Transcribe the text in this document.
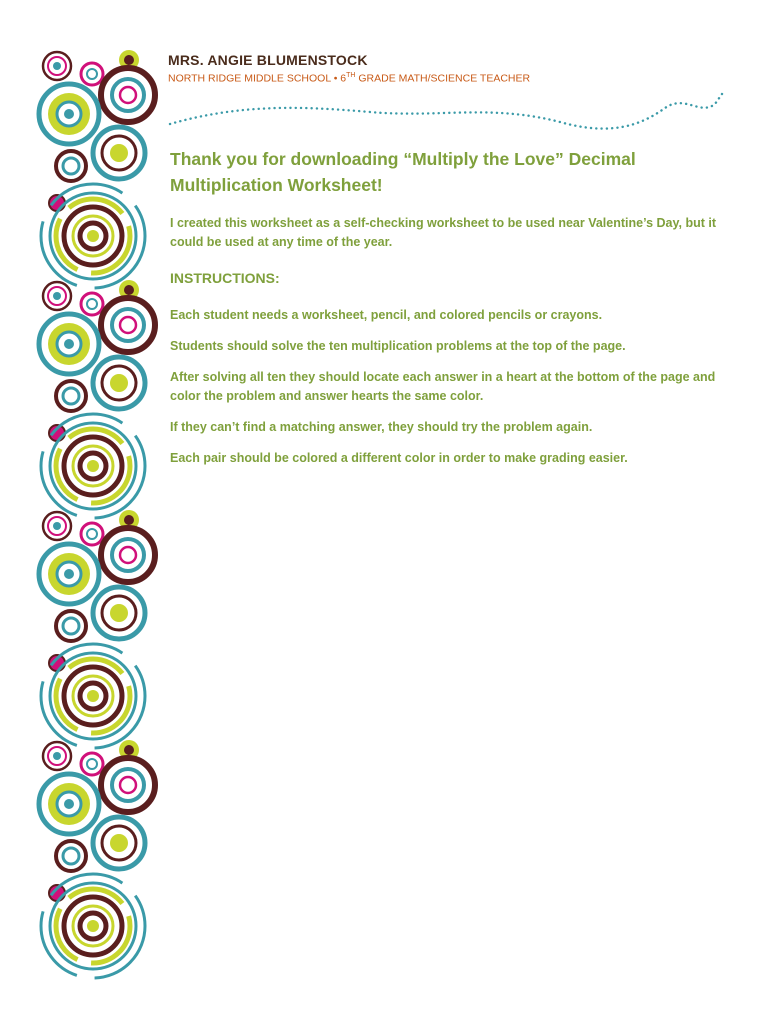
MRS. ANGIE BLUMENSTOCK

NORTH RIDGE MIDDLE SCHOOL • 6TH GRADE MATH/SCIENCE TEACHER

Thank you for downloading “Multiply the Love” Decimal Multiplication Worksheet!

I created this worksheet as a self-checking worksheet to be used near Valentine’s Day, but it could be used at any time of the year.

INSTRUCTIONS:
Each student needs a worksheet, pencil, and colored pencils or crayons.
Students should solve the ten multiplication problems at the top of the page.
After solving all ten they should locate each answer in a heart at the bottom of the page and color the problem and answer hearts the same color.
If they can’t find a matching answer, they should try the problem again.
Each pair should be colored a different color in order to make grading easier.
